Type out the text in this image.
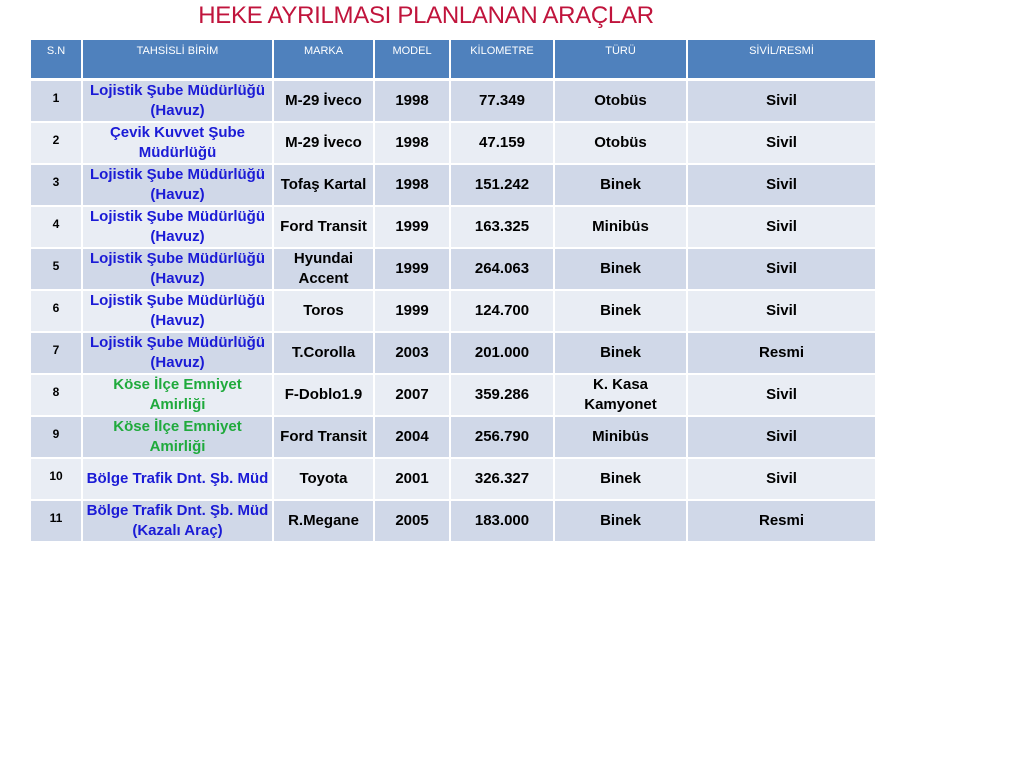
HEKE AYRILMASI PLANLANAN ARAÇLAR
S.N	TAHSİSLİ BİRİM	MARKA	MODEL	KİLOMETRE	TÜRÜ	SİVİL/RESMİ
1	Lojistik Şube Müdürlüğü (Havuz)	M-29 İveco	1998	77.349	Otobüs	Sivil
2	Çevik Kuvvet Şube Müdürlüğü	M-29 İveco	1998	47.159	Otobüs	Sivil
3	Lojistik Şube Müdürlüğü (Havuz)	Tofaş Kartal	1998	151.242	Binek	Sivil
4	Lojistik Şube Müdürlüğü (Havuz)	Ford Transit	1999	163.325	Minibüs	Sivil
5	Lojistik Şube Müdürlüğü (Havuz)	Hyundai Accent	1999	264.063	Binek	Sivil
6	Lojistik Şube Müdürlüğü (Havuz)	Toros	1999	124.700	Binek	Sivil
7	Lojistik Şube Müdürlüğü (Havuz)	T.Corolla	2003	201.000	Binek	Resmi
8	Köse İlçe Emniyet Amirliği	F-Doblo1.9	2007	359.286	K. Kasa Kamyonet	Sivil
9	Köse İlçe Emniyet Amirliği	Ford Transit	2004	256.790	Minibüs	Sivil
10	Bölge Trafik Dnt. Şb. Müd	Toyota	2001	326.327	Binek	Sivil
11	Bölge Trafik Dnt. Şb. Müd (Kazalı Araç)	R.Megane	2005	183.000	Binek	Resmi
